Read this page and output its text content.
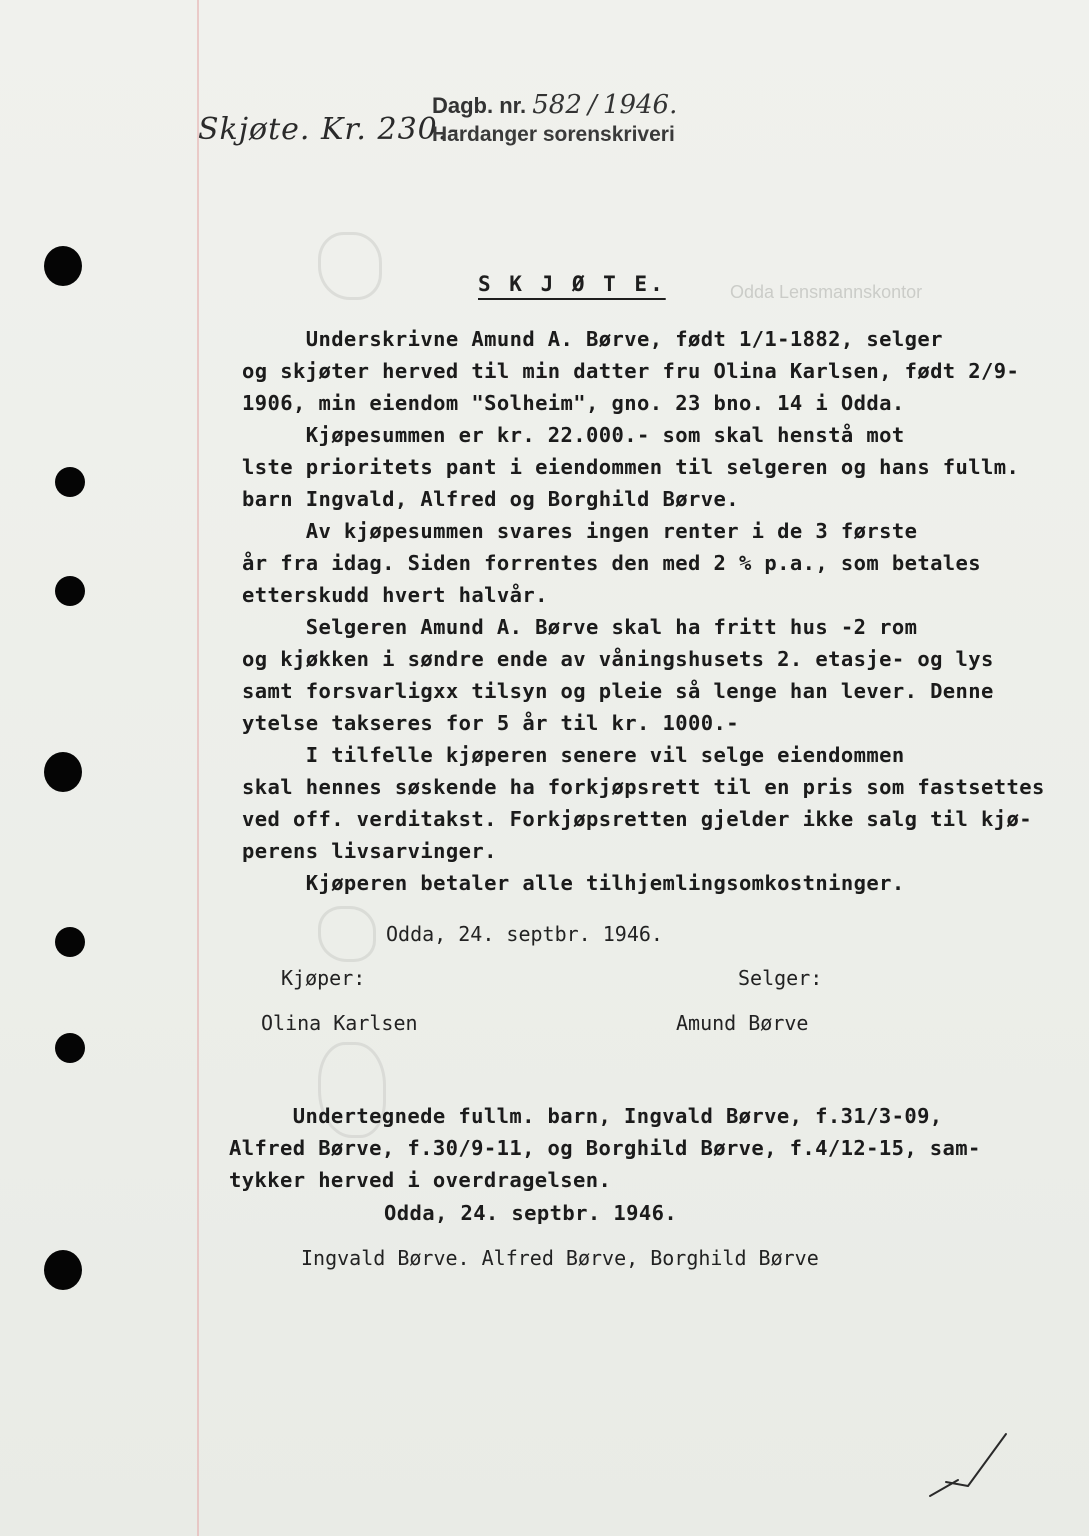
Odda Lensmannskontor
Skjøte. Kr. 230.-
Dagb. nr. 582 / 1946.
Hardanger sorenskriveri
S K J Ø T E.
Underskrivne Amund A. Børve, født 1/1-1882, selger
og skjøter herved til min datter fru Olina Karlsen, født 2/9-
1906, min eiendom "Solheim", gno. 23 bno. 14 i Odda.
Kjøpesummen er kr. 22.000.- som skal henstå mot
lste prioritets pant i eiendommen til selgeren og hans fullm.
barn Ingvald, Alfred og Borghild Børve.
Av kjøpesummen svares ingen renter i de 3 første
år fra idag. Siden forrentes den med 2 % p.a., som betales
etterskudd hvert halvår.
Selgeren Amund A. Børve skal ha fritt hus -2 rom
og kjøkken i søndre ende av våningshusets 2. etasje- og lys
samt forsvarligxx tilsyn og pleie så lenge han lever. Denne
ytelse takseres for 5 år til kr. 1000.-
I tilfelle kjøperen senere vil selge eiendommen
skal hennes søskende ha forkjøpsrett til en pris som fastsettes
ved off. verditakst. Forkjøpsretten gjelder ikke salg til kjø-
perens livsarvinger.
Kjøperen betaler alle tilhjemlingsomkostninger.
Odda, 24. septbr. 1946.
Kjøper:	Selger:
Olina Karlsen	Amund Børve
Undertegnede fullm. barn, Ingvald Børve, f.31/3-09,
Alfred Børve, f.30/9-11, og Borghild Børve, f.4/12-15, sam-
tykker herved i overdragelsen.
Odda, 24. septbr. 1946.
Ingvald Børve. Alfred Børve, Borghild Børve
